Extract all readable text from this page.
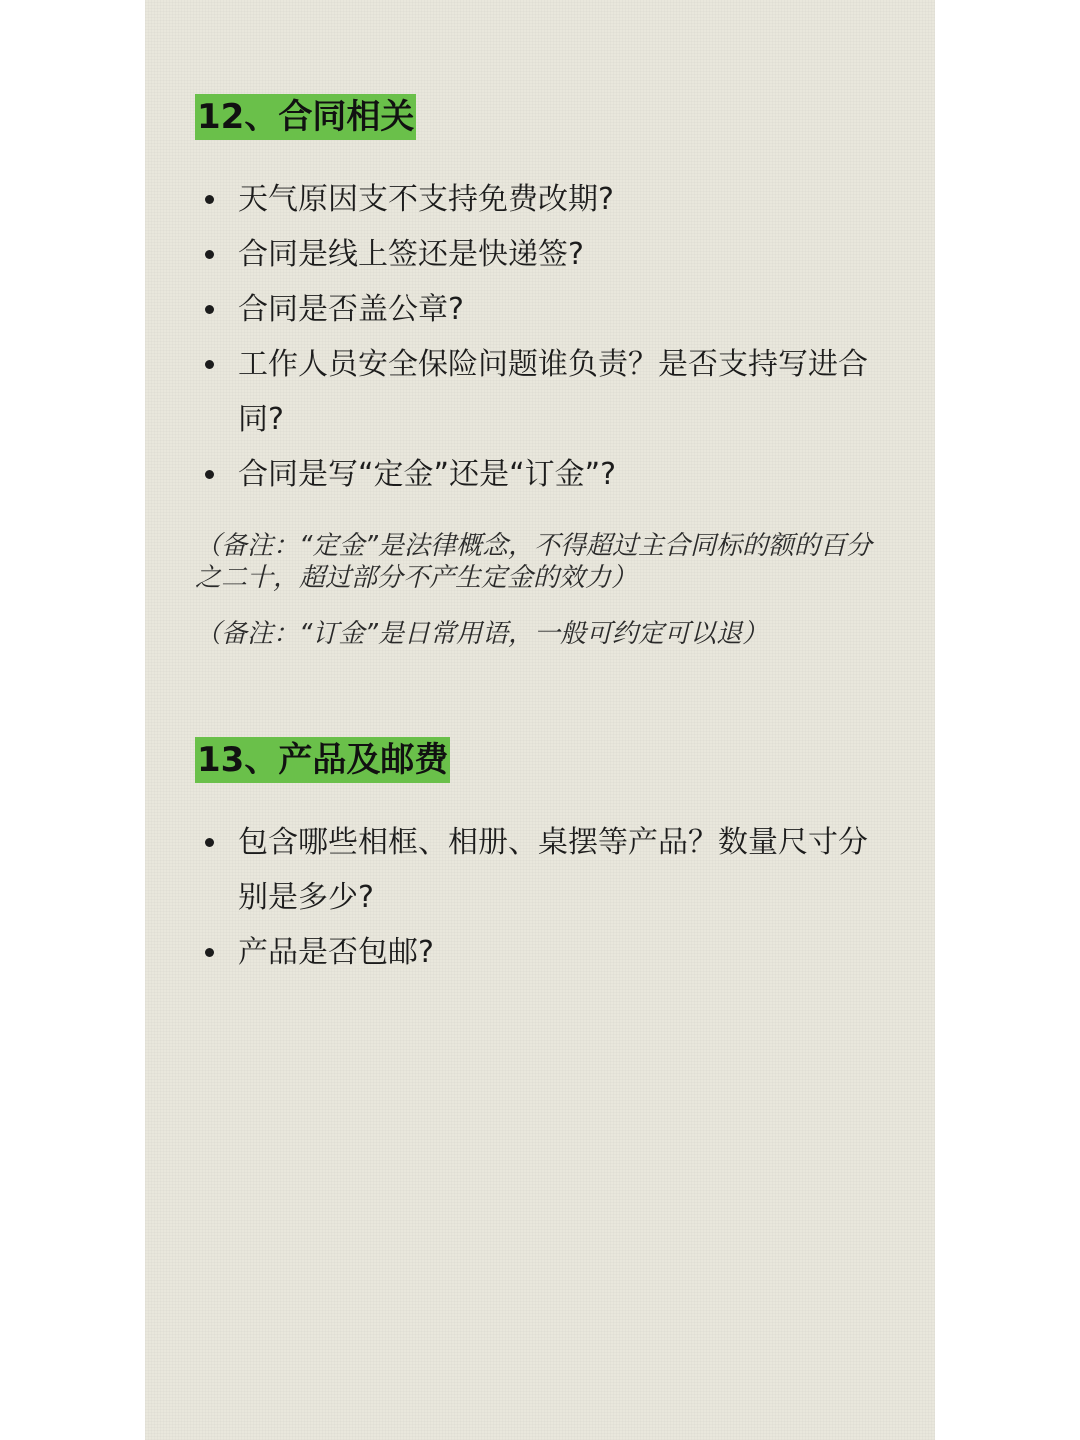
12、合同相关
天气原因支不支持免费改期?
合同是线上签还是快递签?
合同是否盖公章?
工作人员安全保险问题谁负责？是否支持写进合同?
合同是写“定金”还是“订金”?
（备注：“定金”是法律概念，不得超过主合同标的额的百分之二十，超过部分不产生定金的效力）
（备注：“订金”是日常用语，一般可约定可以退）
13、产品及邮费
包含哪些相框、相册、桌摆等产品？数量尺寸分别是多少?
产品是否包邮?
